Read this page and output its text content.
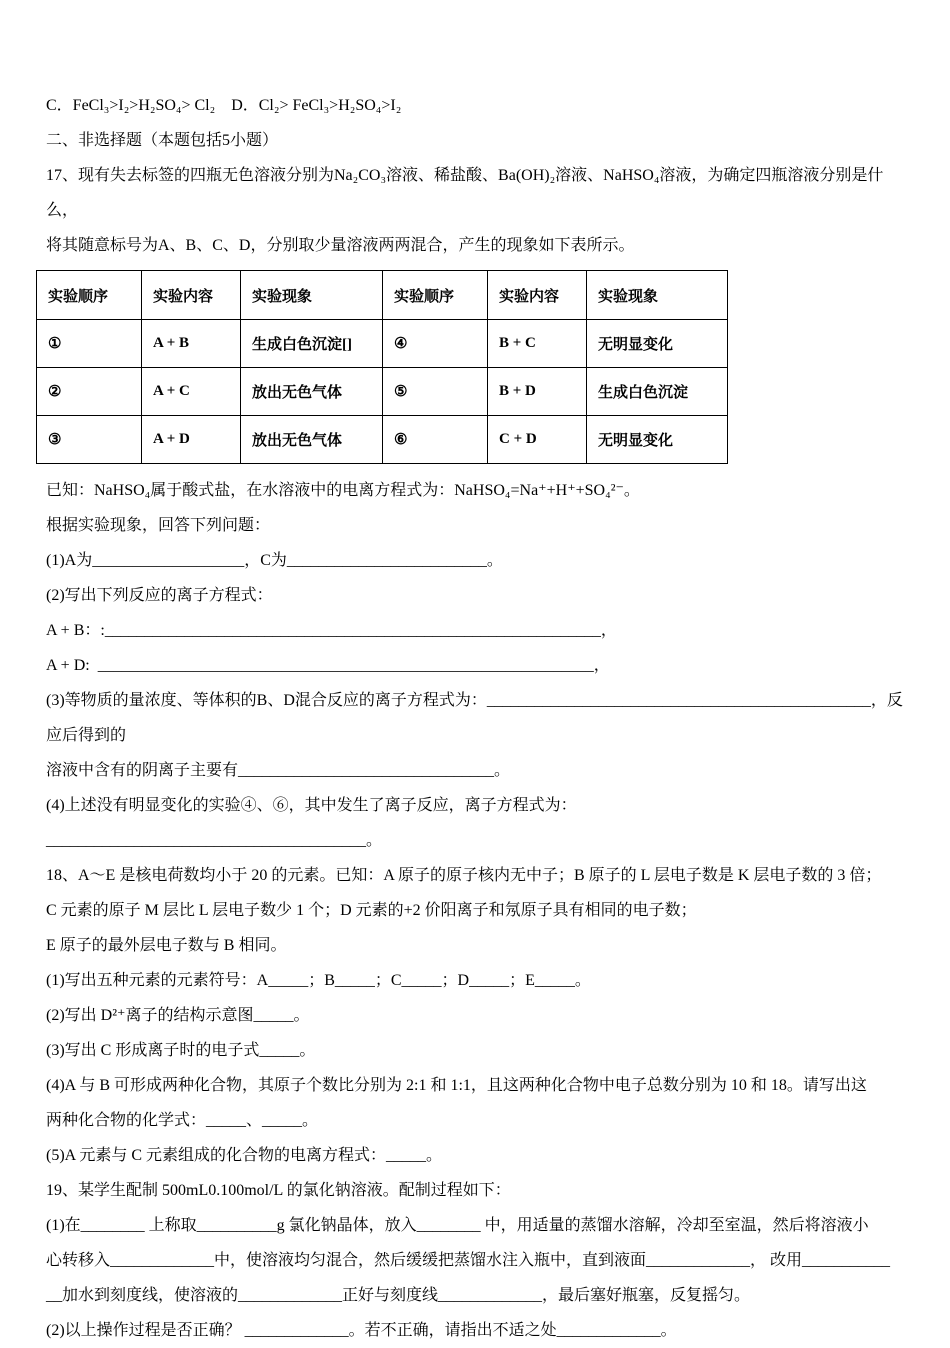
C．FeCl₃>I₂>H₂SO₄> Cl₂　D．Cl₂> FeCl₃>H₂SO₄>I₂

二、非选择题（本题包括5小题）

17、现有失去标签的四瓶无色溶液分别为Na₂CO₃溶液、稀盐酸、Ba(OH)₂溶液、NaHSO₄溶液，为确定四瓶溶液分别是什么，

将其随意标号为A、B、C、D，分别取少量溶液两两混合，产生的现象如下表所示。

实验顺序	实验内容	实验现象	实验顺序	实验内容	实验现象
①	A + B	生成白色沉淀[]	④	B + C	无明显变化
②	A + C	放出无色气体	⑤	B + D	生成白色沉淀
③	A + D	放出无色气体	⑥	C + D	无明显变化

已知：NaHSO₄属于酸式盐，在水溶液中的电离方程式为：NaHSO₄=Na⁺+H⁺+SO₄²⁻。

根据实验现象，回答下列问题：

(1)A为___________________，C为_________________________。

(2)写出下列反应的离子方程式：

A + B：:______________________________________________________________，

A + D:  ______________________________________________________________，

(3)等物质的量浓度、等体积的B、D混合反应的离子方程式为：________________________________________________，反应后得到的

溶液中含有的阴离子主要有________________________________。

(4)上述没有明显变化的实验④、⑥，其中发生了离子反应，离子方程式为：________________________________________。

18、A～E 是核电荷数均小于 20 的元素。已知：A 原子的原子核内无中子；B 原子的 L 层电子数是 K 层电子数的 3 倍；

C 元素的原子 M 层比 L 层电子数少 1 个；D 元素的+2 价阳离子和氖原子具有相同的电子数；

E 原子的最外层电子数与 B 相同。

(1)写出五种元素的元素符号：A_____；B_____；C_____；D_____；E_____。

(2)写出 D²⁺离子的结构示意图_____。

(3)写出 C 形成离子时的电子式_____。

(4)A 与 B 可形成两种化合物，其原子个数比分别为 2:1 和 1:1，且这两种化合物中电子总数分别为 10 和 18。请写出这

两种化合物的化学式：_____、_____。

(5)A 元素与 C 元素组成的化合物的电离方程式：_____。

19、某学生配制 500mL0.100mol/L 的氯化钠溶液。配制过程如下：

(1)在________ 上称取__________g 氯化钠晶体，放入________ 中，用适量的蒸馏水溶解，冷却至室温，然后将溶液小

心转移入_____________中，使溶液均匀混合，然后缓缓把蒸馏水注入瓶中，直到液面_____________， 改用___________

__加水到刻度线，使溶液的_____________正好与刻度线_____________，最后塞好瓶塞，反复摇匀。

(2)以上操作过程是否正确？ _____________。若不正确，请指出不适之处_____________。
